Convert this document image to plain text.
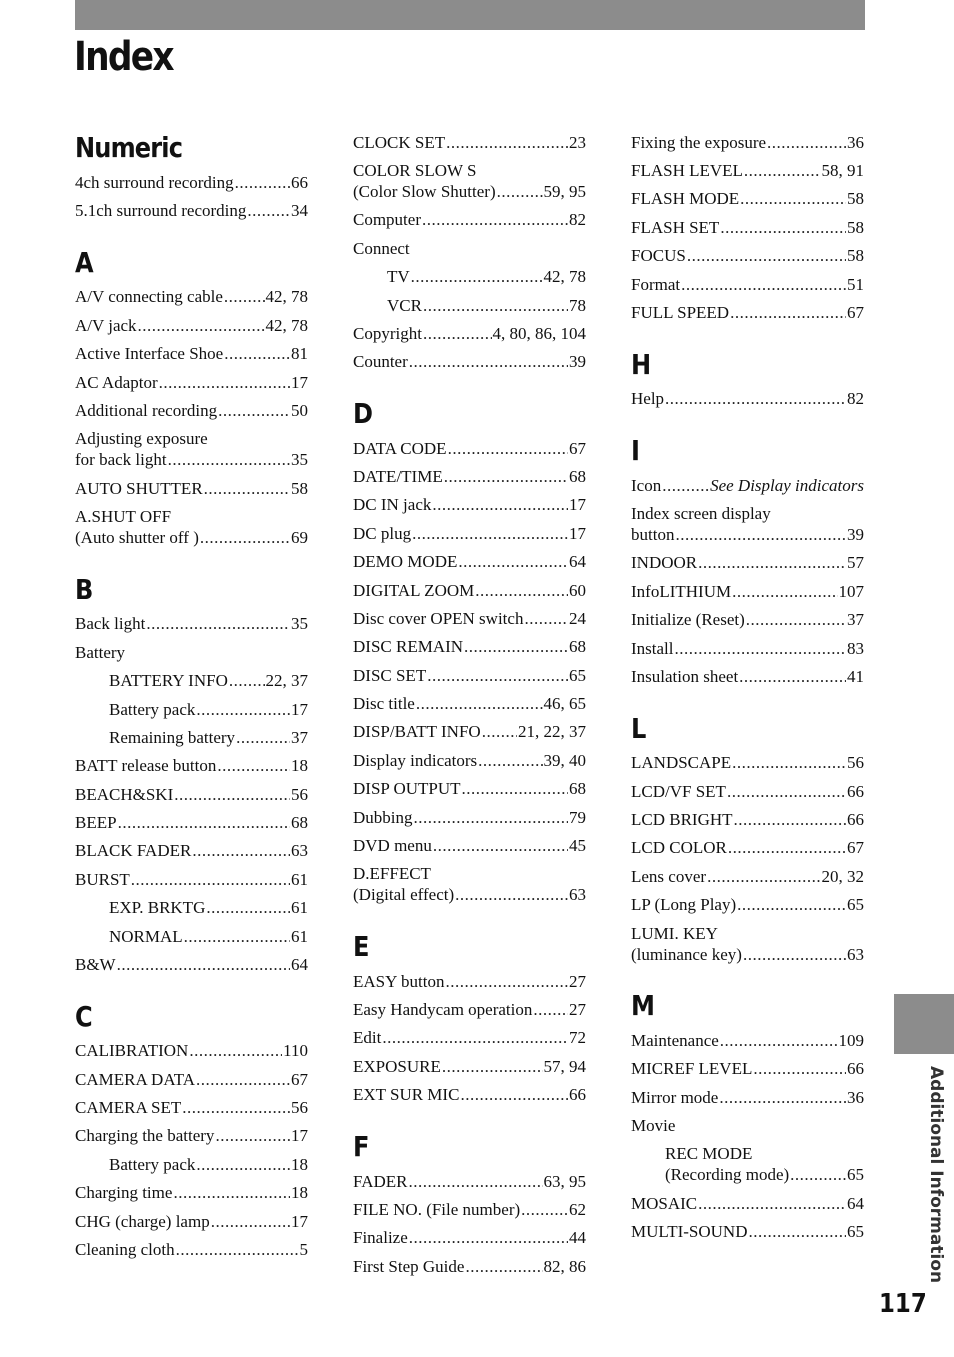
Index
Numeric
4ch surround recording .....	66
5.1ch surround recording .....	34
A
A/V connecting cable .....	42, 78
A/V jack .....	42, 78
Active Interface Shoe .....	81
AC Adaptor .....	17
Additional recording .....	50
Adjusting exposure
for back light .....	35
AUTO SHUTTER .....	58
A.SHUT OFF
(Auto shutter off ) .....	69
B
Back light .....	35
Battery
BATTERY INFO ..... 22, 37
Battery pack .....	17
Remaining battery .....	37
BATT release button .....	18
BEACH&SKI .....	56
BEEP .....	68
BLACK FADER .....	63
BURST .....	61
EXP. BRKTG .....	61
NORMAL .....	61
B&W .....	64
C
CALIBRATION .....	110
CAMERA DATA .....	67
CAMERA SET .....	56
Charging the battery .....	17
Battery pack .....	18
Charging time .....	18
CHG (charge) lamp .....	17
Cleaning cloth .....	5
CLOCK SET .....	23
COLOR SLOW S
(Color Slow Shutter) .....	59, 95
Computer .....	82
Connect
TV .....	42, 78
VCR .....	78
Copyright .....	4, 80, 86, 104
Counter .....	39
D
DATA CODE .....	67
DATE/TIME .....	68
DC IN jack .....	17
DC plug .....	17
DEMO MODE .....	64
DIGITAL ZOOM .....	60
Disc cover OPEN switch .....	24
DISC REMAIN .....	68
DISC SET .....	65
Disc title .....	46, 65
DISP/BATT INFO ..... 21, 22, 37
Display indicators .....	39, 40
DISP OUTPUT .....	68
Dubbing .....	79
DVD menu .....	45
D.EFFECT
(Digital effect) .....	63
E
EASY button .....	27
Easy Handycam operation ..... 27
Edit .....	72
EXPOSURE .....	57, 94
EXT SUR MIC .....	66
F
FADER .....	63, 95
FILE NO. (File number) .....	62
Finalize .....	44
First Step Guide .....	82, 86
Fixing the exposure .....	36
FLASH LEVEL .....	58, 91
FLASH MODE .....	58
FLASH SET .....	58
FOCUS .....	58
Format .....	51
FULL SPEED .....	67
H
Help .....	82
I
Icon .....	See Display indicators
Index screen display
button .....	39
INDOOR .....	57
InfoLITHIUM .....	107
Initialize (Reset) .....	37
Install .....	83
Insulation sheet .....	41
L
LANDSCAPE .....	56
LCD/VF SET .....	66
LCD BRIGHT .....	66
LCD COLOR .....	67
Lens cover .....	20, 32
LP (Long Play) .....	65
LUMI. KEY
(luminance key) .....	63
M
Maintenance .....	109
MICREF LEVEL .....	66
Mirror mode .....	36
Movie
REC MODE
(Recording mode) .....	65
MOSAIC .....	64
MULTI-SOUND .....	65	Additional Information
117
